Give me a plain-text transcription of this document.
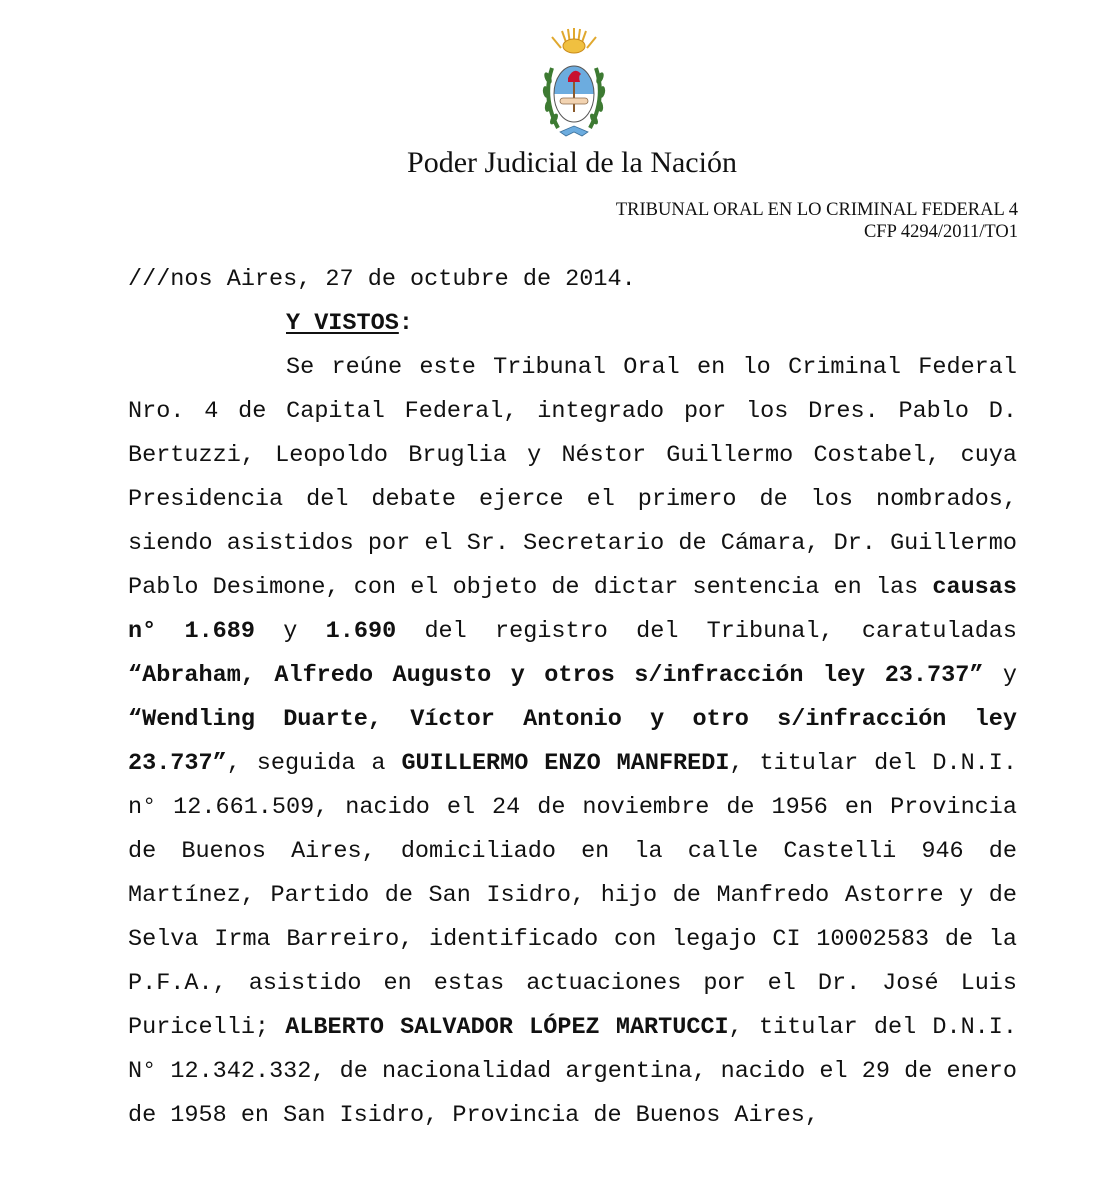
Poder Judicial de la Nación
TRIBUNAL ORAL EN LO CRIMINAL FEDERAL 4
CFP 4294/2011/TO1

///nos Aires, 27 de octubre de 2014.

Y VISTOS:

Se reúne este Tribunal Oral en lo Criminal Federal Nro. 4 de Capital Federal, integrado por los Dres. Pablo D. Bertuzzi, Leopoldo Bruglia y Néstor Guillermo Costabel, cuya Presidencia del debate ejerce el primero de los nombrados, siendo asistidos por el Sr. Secretario de Cámara, Dr. Guillermo Pablo Desimone, con el objeto de dictar sentencia en las causas n° 1.689 y 1.690 del registro del Tribunal, caratuladas “Abraham, Alfredo Augusto y otros s/infracción ley 23.737” y “Wendling Duarte, Víctor Antonio y otro s/infracción ley 23.737”, seguida a GUILLERMO ENZO MANFREDI, titular del D.N.I. n° 12.661.509, nacido el 24 de noviembre de 1956 en Provincia de Buenos Aires, domiciliado en la calle Castelli 946 de Martínez, Partido de San Isidro, hijo de Manfredo Astorre y de Selva Irma Barreiro, identificado con legajo CI 10002583 de la P.F.A., asistido en estas actuaciones por el Dr. José Luis Puricelli; ALBERTO SALVADOR LÓPEZ MARTUCCI, titular del D.N.I. N° 12.342.332, de nacionalidad argentina, nacido el 29 de enero de 1958 en San Isidro, Provincia de Buenos Aires,
